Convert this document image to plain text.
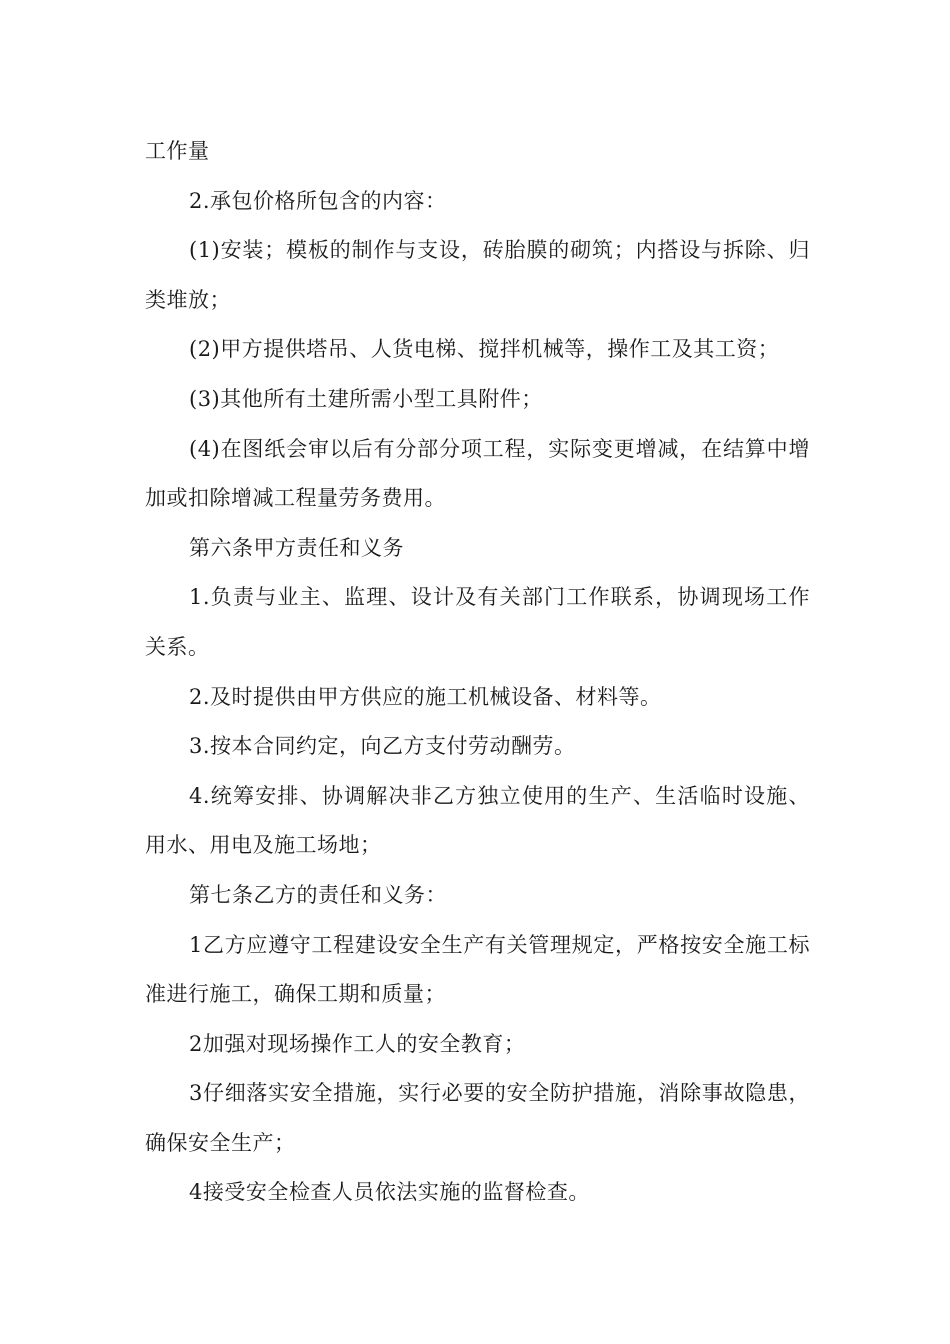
工作量

2.承包价格所包含的内容：

(1)安装；模板的制作与支设，砖胎膜的砌筑；内搭设与拆除、归类堆放；

(2)甲方提供塔吊、人货电梯、搅拌机械等，操作工及其工资；

(3)其他所有土建所需小型工具附件；

(4)在图纸会审以后有分部分项工程，实际变更增减，在结算中增加或扣除增减工程量劳务费用。

第六条甲方责任和义务

1.负责与业主、监理、设计及有关部门工作联系，协调现场工作关系。

2.及时提供由甲方供应的施工机械设备、材料等。

3.按本合同约定，向乙方支付劳动酬劳。

4.统筹安排、协调解决非乙方独立使用的生产、生活临时设施、用水、用电及施工场地；

第七条乙方的责任和义务：

1乙方应遵守工程建设安全生产有关管理规定，严格按安全施工标准进行施工，确保工期和质量；

2加强对现场操作工人的安全教育；

3仔细落实安全措施，实行必要的安全防护措施，消除事故隐患，确保安全生产；

4接受安全检查人员依法实施的监督检查。
